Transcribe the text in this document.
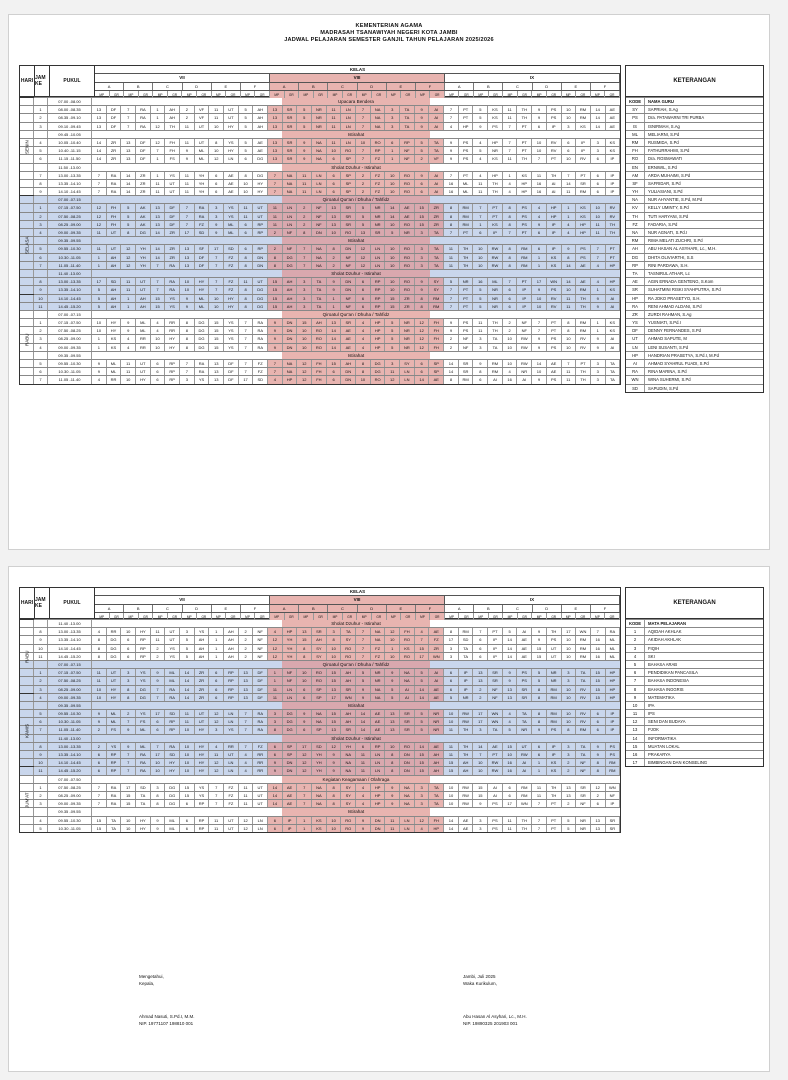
KEMENTERIAN AGAMA
MADRASAH TSANAWIYAH NEGERI KOTA JAMBI
JADWAL PELAJARAN SEMESTER GANJIL TAHUN PELAJARAN 2025/2026
HARI JAM KE	PUKUL
KELAS
VII	VIII	IX
A	B	C	D	E	F	A	B	C	D	E	F	A	B	C	D	E	F
MP	GR	MP	GR	MP	GR	MP	GR	MP	GR	MP	GR	MP	GR	MP	GR	MP	GR	MP	GR	MP	GR	MP	GR	MP	GR	MP	GR	MP	GR	MP	GR	MP	GR	MP	GR
07.00 -08.00	Upacara Bendera
1	08.00 -08.35	13	DF	7	RA	1	AH	2	VF	11	UT	5	AH	13	SR	5	NR	11	LN	7	NA	3	TA	9	AI	7	PT	5	KS	11	TH	9	PS	10	RM	14	AE
2	08.35 -09.10	13	DF	7	RA	1	AH	2	VF	11	UT	5	AH	13	SR	5	NR	11	LN	7	NA	3	TA	9	AI	7	PT	5	KS	11	TH	9	PS	10	RM	14	AE
3	09.10 -09.45	13	DF	7	RA	12	TH	11	UT	10	HY	5	AH	13	SR	5	NR	11	LN	7	NA	3	TA	9	AI	4	HP	9	PS	7	PT	6	IP	3	KS	14	AE
09.45 -10.05	Istirahat
4	10.05 -10.40	14	ZR	13	DF	12	FH	11	UT	8	YS	5	AE	13	SR	9	NA	11	LN	10	RO	6	RP	5	TA	9	PS	4	HP	7	PT	10	RV	6	IP	3	KS
5	10.40 -11.15	14	ZR	13	DF	7	FH	9	ML	10	HY	5	AE	13	SR	9	NA	10	RO	7	RP	1	NF	5	TA	9	PS	5	NR	7	PT	10	RV	6	IP	3	KS
6	11.15 -11.50	14	ZR	13	DF	1	FS	9	ML	12	LN	6	DG	13	SR	9	NA	6	SP	7	FZ	1	NF	2	VF	9	PS	4	KS	11	TH	7	PT	10	RV	6	IP
11.50 -13.00	Sholat Dzuhur - Istirahat
7	13.00 -13.35	7	RA	14	ZR	1	YS	11	YH	6	AE	8	DG	7	NA	11	LN	6	SP	2	FZ	10	RO	9	AI	7	PT	4	HP	1	KS	11	TH	7	PT	6	IP
8	13.35 -14.10	7	RA	14	ZR	11	UT	11	YH	6	AE	10	HY	7	NA	11	LN	6	SP	2	FZ	10	RO	6	AI	16	ML	11	TH	4	HP	16	AI	14	SR	6	IP
9	14.10 -14.45	7	RA	14	ZR	11	UT	11	YH	6	AE	10	HY	7	NA	11	LN	6	SP	2	FZ	10	RO	6	AI	16	ML	11	TH	4	HP	16	AI	11	RM	6	IP
07.00 -07.15	Qiroatul Qur'an / Dhuha / Tahfidz
1	07.15 -07.50	12	FH	5	AK	13	DF	7	RA	3	YS	11	UT	11	LN	2	NF	13	SR	5	NR	14	AE	15	ZR	8	RM	7	PT	8	PS	4	HP	1	KS	10	RV
2	07.50 -08.25	12	FH	5	AK	13	DF	7	RA	3	YS	11	UT	11	LN	2	NF	13	SR	5	NR	14	AE	15	ZR	8	RM	7	PT	8	PS	4	HP	1	KS	10	RV
3	08.25 -09.00	12	FH	5	AK	13	DF	7	FZ	9	ML	6	RP	11	LN	2	NF	13	SR	5	NR	10	RO	15	ZR	8	RM	1	KS	8	PS	9	IP	4	HP	11	TH
4	09.00 -09.35	11	UT	8	DG	14	ZR	17	SD	9	ML	6	RP	2	NF	8	DN	10	RO	13	SR	5	NR	3	TA	7	PT	6	IP	7	PT	6	IP	4	HP	11	TH
09.35 -09.55	Istirahat
5	09.55 -10.30	11	UT	12	YH	14	ZR	13	SF	17	SD	6	RP	2	NF	7	NA	8	DN	12	LN	10	RO	3	TA	11	TH	10	RW	8	RM	6	IP	9	PS	7	PT
6	10.30 -11.05	1	AH	12	YH	14	ZR	13	DF	7	FZ	8	DN	8	DG	7	NA	2	NF	12	LN	10	RO	3	TA	11	TH	10	RW	8	RM	1	KS	8	PS	7	PT
7	11.05 -11.40	1	AH	12	YH	7	RA	13	DF	7	FZ	8	DN	8	DG	7	NA	2	NF	12	LN	10	RO	3	TA	11	TH	10	RW	8	RM	1	KS	14	AE	4	HP
11.40 -13.00	Sholat Dzuhur - Istirahat
8	13.00 -13.35	17	SD	11	UT	7	RA	10	HY	7	FZ	11	UT	15	AH	3	TA	9	DN	6	RP	10	RO	9	SY	5	NR	16	ML	7	PT	17	WN	14	AE	4	HP
9	13.35 -14.10	5	AH	11	UT	7	RA	10	HY	7	FZ	8	DG	15	AH	3	TA	9	DN	6	RP	10	RO	9	SY	7	PT	5	NR	6	IP	9	PS	10	RM	1	KS
10	14.10 -14.45	5	AH	1	AH	15	YS	9	ML	10	HY	8	DG	15	AH	3	TA	1	NF	6	RP	15	ZR	8	RM	7	PT	5	NR	6	IP	10	RV	11	TH	9	AI
11	14.45 -15.20	5	AH	1	AH	15	YS	9	ML	10	HY	8	DG	15	AH	3	TA	1	NF	6	RP	15	ZR	8	RM	7	PT	5	NR	6	IP	10	RV	11	TH	9	AI
07.00 -07.15	Qiroatul Qur'an / Dhuha / Tahfidz
1	07.15 -07.50	10	HY	9	ML	4	RR	8	DG	15	YS	7	RA	9	DN	15	AH	13	SR	4	HP	5	NR	12	FH	9	PS	11	TH	2	NF	7	PT	8	RM	1	KS
2	07.50 -08.25	10	HY	9	ML	4	RR	8	DG	15	YS	7	RA	9	DN	10	RO	14	AE	4	HP	5	NR	12	FH	9	PS	11	TH	2	NF	7	PT	8	RM	1	KS
3	08.25 -09.00	1	KS	4	RR	10	HY	8	DG	15	YS	7	RA	9	DN	10	RO	14	AE	4	HP	5	NR	12	FH	2	NF	3	TA	10	RW	9	PS	10	RV	9	AI
4	09.00 -09.35	1	KS	4	RR	10	HY	8	DG	15	YS	7	RA	9	DN	10	RO	14	AE	4	HP	5	NR	12	FH	2	NF	3	TA	10	RW	9	PS	10	RV	9	AI
09.35 -09.55	Istirahat
5	09.55 -10.30	9	ML	11	UT	6	RP	7	RA	13	DF	7	FZ	7	NA	12	FH	15	AH	8	DG	3	SY	6	SP	14	SR	9	RM	10	RW	14	AE	7	PT	3	TA
6	10.30 -11.05	9	ML	11	UT	6	RP	7	RA	13	DF	7	FZ	7	NA	12	FH	6	DN	8	DG	11	LN	6	SP	14	SR	8	RM	4	NR	10	AE	11	TH	3	TA
7	11.05 -11.40	4	RR	10	HY	6	RP	3	YS	13	DF	17	SD	4	HP	12	FH	6	DN	10	RO	12	LN	14	AE	8	RM	6	AI	16	AI	9	PS	11	TH	3	TA
SENIN
SELASA
RABU
KETERANGAN
KODE	NAMA GURU
SY	SAPRIAH, S.Ag
PS	Dra. PATAWARNI TRI PURBA
IS	ISNIRMAH, S.Ag
ML	MELIARNI, S.Pd
RM	RUSMIDA, S.Pd
FH	FATHURRAHMI, S.Pd
RO	Dra. ROSMAWATI
EN	ERNIWIL, S.Pd
AM	ARDA MUHAIMI, S.Pd
SF	SAFRIDAR, S.Pd
YH	YULIASIANI, S.Pd
NA	NUR AHYANTIE, S.Pd, M.Pd
KV	KELLY UMINTY, S.Pd
TH	TUTI HARYANI, S.Pd
FZ	FADARIA, S.Pd
NA	NUR AGNATI, S.Pd.I
RM	RIMA MELATI ZUCHRI, S.Pd
AH	ABU HASAN AL ASYHARI, Lc., M.H.
DG	DHITA OLIVIARTHI, S.S
RP	RINI PARDAWA, S.H.
TA	TASNIRUL ATHAR, Lc
AE	AGIN ERNADA GENTENG, S.Kom
SR	SUHATMINI RISKI SYAHPUTRA, S.Pd
HP	RA JOKO PRASETYO, S.H.
RA	RENI AHMAD ALDANI, S.Pd
ZR	ZURDI RAHMAN, S.Ag
YS	YUSNIATI, S.Pd.I
DF	DENNY FERNANDES, S.Pd
UT	AHMAD SAPUTE, M
LN	LENI SUSANTI, S.Pd
HP	HANDRIAN PRASETYA, S.Pd.I, M.Pd
AI	AHMAD SYAHRUL FUADI, S.Pd
RA	RINA MARINA, S.Pd
WN	WINA SUHERMI, S.Pd
SD	SAPUDIN, S.Pd
HARI JAM KE	PUKUL
KELAS
VII	VIII	IX
A	B	C	D	E	F	A	B	C	D	E	F	A	B	C	D	E	F
MP	GR	MP	GR	MP	GR	MP	GR	MP	GR	MP	GR	MP	GR	MP	GR	MP	GR	MP	GR	MP	GR	MP	GR	MP	GR	MP	GR	MP	GR	MP	GR	MP	GR	MP	GR
11.40 -13.00	Sholat Dzuhur - Istirahat
8	13.00 -13.35	4	RR	10	HY	11	UT	3	YS	1	AH	2	NF	4	HP	13	SR	3	TA	7	NA	12	FH	4	AE	8	RM	7	PT	5	AI	9	TH	17	WN	7	RA
9	13.35 -14.10	8	DG	6	RP	11	UT	5	AH	1	AH	2	NF	12	YH	15	AH	8	SY	7	NA	10	RO	7	FZ	17	SD	6	IP	14	AE	9	PS	10	RM	16	ML
10	14.10 -14.45	8	DG	6	RP	2	YS	5	AH	1	AH	2	NF	12	YH	8	SY	10	RO	7	FZ	1	KS	15	ZR	3	TA	6	IP	14	AE	15	UT	10	RM	16	ML
11	14.45 -15.20	8	DG	6	RP	2	YS	5	AH	1	AH	2	NF	12	YH	8	SY	10	RO	7	FZ	10	RO	17	WN	3	TA	6	IP	14	AE	15	UT	10	RM	16	ML
07.00 -07.15	Qiroatul Qur'an / Dhuha / Tahfidz
1	07.15 -07.50	11	UT	3	YS	9	ML	14	ZR	6	RP	13	DF	1	NF	10	RO	15	AH	5	NR	9	NA	5	AI	6	IP	13	SR	9	PS	5	NR	3	TA	15	HP
2	07.50 -08.25	11	UT	3	YS	9	ML	14	ZR	6	RP	13	DF	1	NF	10	RO	15	AH	5	NR	9	NA	5	AI	6	IP	13	SR	9	PS	5	NR	3	TA	15	HP
3	08.25 -09.00	10	HY	8	DG	7	RA	14	ZR	6	RP	13	DF	11	LN	6	SP	13	SR	9	NA	5	AI	14	AE	6	IP	2	NF	13	SR	8	RM	10	RV	15	HP
4	09.00 -09.35	10	HY	8	DG	7	RA	14	ZR	6	RP	13	DF	11	LN	6	SP	17	WN	9	NA	5	AI	14	AE	5	NR	2	NF	13	SR	8	RM	10	RV	15	HP
09.35 -09.55	Istirahat
5	09.55 -10.30	9	ML	2	YS	17	SD	11	UT	12	LN	7	RA	3	DG	9	NA	15	AH	14	AE	13	SR	5	NR	10	RW	17	WN	4	TA	8	RM	10	RV	6	IP
6	10.30 -11.05	9	ML	7	FS	6	RP	11	UT	12	LN	7	RA	3	DG	9	NA	15	AH	14	AE	13	SR	5	NR	10	RW	17	WN	4	TA	8	RM	10	RV	6	IP
7	11.05 -11.40	2	FS	9	ML	6	RP	10	HY	3	YS	7	RA	8	DG	6	SP	13	SR	14	AE	13	SR	5	NR	11	TH	3	TA	5	NR	9	PS	8	RM	6	IP
11.40 -13.00	Sholat Dzuhur - Istirahat
8	13.00 -13.35	2	YS	9	ML	7	RA	10	HY	4	RR	7	FZ	6	SP	17	SD	12	YH	6	RP	10	RO	14	AE	11	TH	14	AE	15	UT	6	IP	3	TA	9	PS
9	13.35 -14.10	6	RP	7	RA	17	SD	10	HY	11	UT	4	RR	6	SP	12	YH	9	NA	11	LN	8	DN	15	AH	11	TH	7	PT	10	RW	6	IP	3	TA	9	PS
10	14.10 -14.45	6	RP	7	RA	10	HY	10	HY	12	LN	4	RR	9	DN	12	YH	9	NA	11	LN	8	DN	15	AH	15	AH	10	RW	16	AI	1	KS	2	NF	8	RM
11	14.45 -15.20	6	RP	7	RA	10	HY	10	HY	12	LN	4	RR	9	DN	12	YH	9	NA	11	LN	8	DN	15	AH	15	AH	10	RW	16	AI	1	KS	2	NF	8	RM
07.00 -07.50	Kegiatan Keagamaan / Olahraga
1	07.50 -08.25	7	RA	17	SD	3	DG	15	YS	7	FZ	11	UT	14	AE	7	NA	8	SY	4	HP	9	NA	3	TA	10	RW	15	AI	6	RM	11	TH	13	SR	12	WN
2	08.25 -09.00	7	RA	15	TA	8	DG	15	YS	7	FZ	11	UT	14	AE	7	NA	8	SY	4	HP	9	NA	3	TA	10	RW	15	AI	6	RM	11	TH	13	SR	2	NF
3	09.00 -09.35	7	RA	15	TA	8	DG	6	RP	7	FZ	11	UT	14	AE	7	NA	8	SY	4	HP	9	NA	3	TA	10	RW	9	PS	17	WN	7	PT	2	NF	6	IP
09.35 -09.55	Istirahat
4	09.55 -10.30	15	TA	10	HY	9	ML	6	RP	11	UT	12	LN	6	IP	1	KS	10	RO	9	DN	11	LN	12	FH	14	AE	3	PS	11	TH	7	PT	5	NR	13	SR
5	10.30 -11.05	15	TA	10	HY	9	ML	6	RP	11	UT	12	LN	6	IP	1	KS	10	RO	9	DN	11	LN	4	HP	14	AE	3	PS	11	TH	7	PT	5	NR	13	SR
RABU
KAMIS
JUM'AT
KETERANGAN
KODE	MATA PELAJARAN
1	AQIDAH AKHLAK
2	AKIDAH AKHLAK
3	FIQIH
4	SKI
5	BAHASA ARAB
6	PENDIDIKAN PANCASILA
7	BAHASA INDONESIA
8	BAHASA INGGRIS
9	MATEMATIKA
10	IPA
11	IPS
12	SENI DAN BUDAYA
13	PJOK
14	INFORMATIKA
15	MUATAN LOKAL
16	PRAKARYA
17	BIMBINGAN DAN KONSELING
Mengetahui,
Kepala,
Ahmad Nasuti, S.Pd.I, M.M.
NIP. 19771107 198810 001
Jambi, Juli 2025
Waka Kurikulum,
Abu Hasan Al Asyhari, Lc., M.H.
NIP. 19890325 201903 001
